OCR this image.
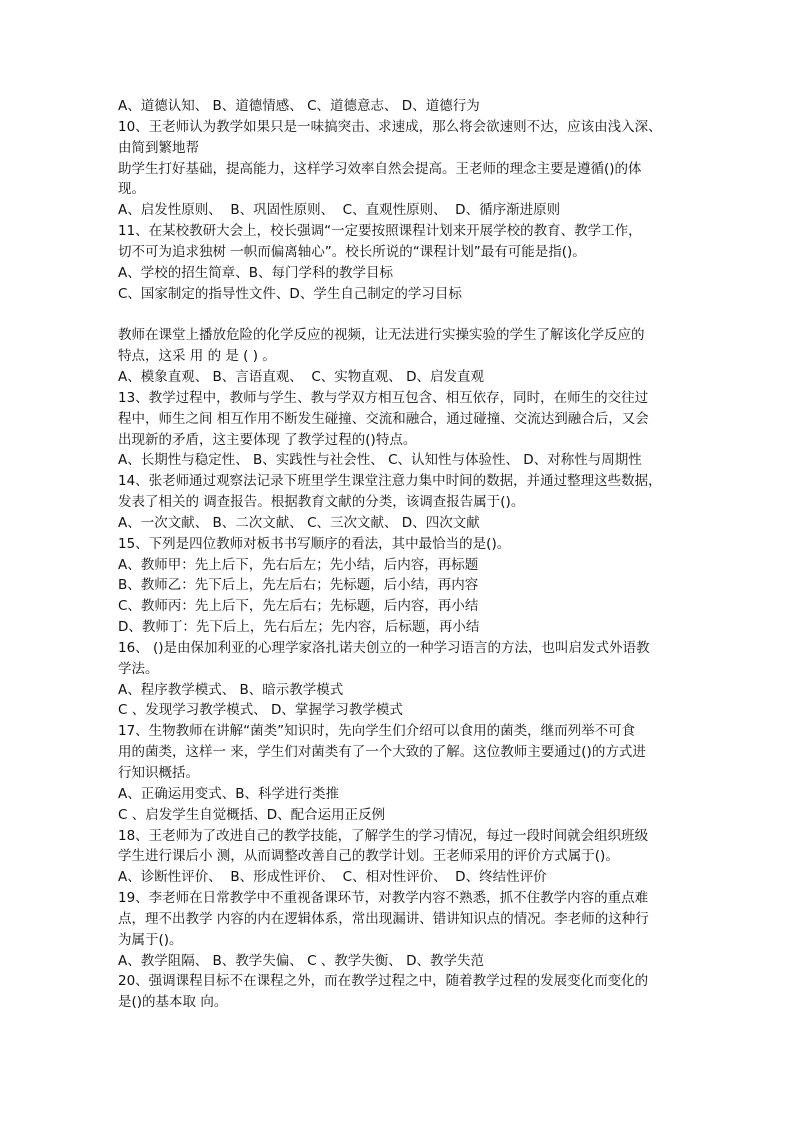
A、道德认知、 B、道德情感、 C、道德意志、 D、道德行为
10、王老师认为教学如果只是一味搞突击、求速成，那么将会欲速则不达，应该由浅入深、
由简到繁地帮
助学生打好基础，提高能力，这样学习效率自然会提高。王老师的理念主要是遵循()的体
现。
A、启发性原则、  B、巩固性原则、  C、直观性原则、  D、循序渐进原则
11、在某校教研大会上，校长强调“一定要按照课程计划来开展学校的教育、教学工作，
切不可为追求独树 一帜而偏离轴心”。校长所说的“课程计划”最有可能是指()。
A、学校的招生简章、B、每门学科的教学目标
C、国家制定的指导性文件、D、学生自己制定的学习目标
教师在课堂上播放危险的化学反应的视频，让无法进行实操实验的学生了解该化学反应的
特点，这采 用 的 是 ( ) 。
A、模象直观、 B、言语直观、  C、实物直观、 D、启发直观
13、教学过程中，教师与学生、教与学双方相互包含、相互依存，同时，在师生的交往过
程中，师生之间 相互作用不断发生碰撞、交流和融合，通过碰撞、交流达到融合后，又会
出现新的矛盾，这主要体现 了教学过程的()特点。
A、长期性与稳定性、 B、实践性与社会性、 C、认知性与体验性、 D、对称性与周期性
14、张老师通过观察法记录下班里学生课堂注意力集中时间的数据，并通过整理这些数据，
发表了相关的 调查报告。根据教育文献的分类，该调查报告属于()。
A、一次文献、 B、二次文献、 C、三次文献、 D、四次文献
15、下列是四位教师对板书书写顺序的看法，其中最恰当的是()。
A、教师甲：先上后下，先右后左；先小结，后内容，再标题
B、教师乙：先下后上，先左后右；先标题，后小结，再内容
C、教师丙：先上后下，先左后右；先标题，后内容，再小结
D、教师丁：先下后上，先右后左；先内容，后标题，再小结
16、 ()是由保加利亚的心理学家洛扎诺夫创立的一种学习语言的方法，也叫启发式外语教
学法。
A、程序教学模式、 B、暗示教学模式
C 、发现学习教学模式、 D、掌握学习教学模式
17、生物教师在讲解“菌类”知识时，先向学生们介绍可以食用的菌类，继而列举不可食
用的菌类，这样一 来，学生们对菌类有了一个大致的了解。这位教师主要通过()的方式进
行知识概括。
A、正确运用变式、B、科学进行类推
C 、启发学生自觉概括、D、配合运用正反例
18、王老师为了改进自己的教学技能，了解学生的学习情况，每过一段时间就会组织班级
学生进行课后小 测，从而调整改善自己的教学计划。王老师采用的评价方式属于()。
A、诊断性评价、  B、形成性评价、  C、相对性评价、  D、终结性评价
19、李老师在日常教学中不重视备课环节，对教学内容不熟悉，抓不住教学内容的重点难
点，理不出教学 内容的内在逻辑体系，常出现漏讲、错讲知识点的情况。李老师的这种行
为属于()。
A、教学阻隔、 B、教学失偏、 C 、教学失衡、 D、教学失范
20、强调课程目标不在课程之外，而在教学过程之中，随着教学过程的发展变化而变化的
是()的基本取 向。
